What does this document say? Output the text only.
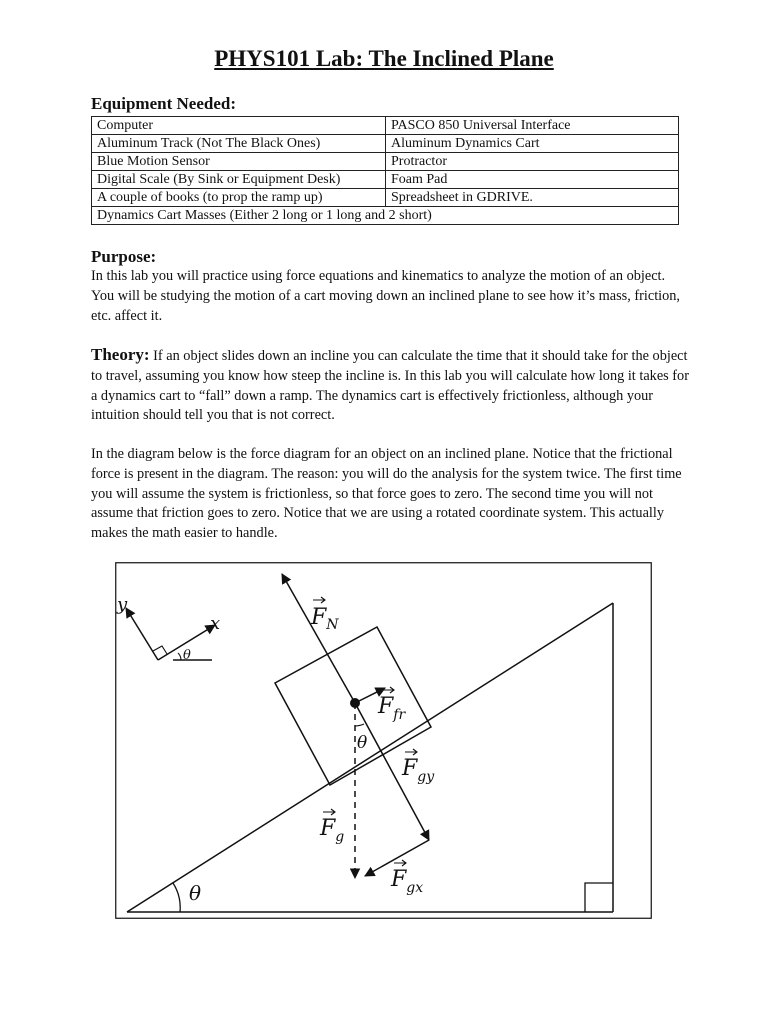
PHYS101 Lab: The Inclined Plane
Equipment Needed:
Computer	PASCO 850 Universal Interface
Aluminum Track (Not The Black Ones)	Aluminum Dynamics Cart
Blue Motion Sensor	Protractor
Digital Scale (By Sink or Equipment Desk)	Foam Pad
A couple of books (to prop the ramp up)	Spreadsheet in GDRIVE.
Dynamics Cart Masses (Either 2 long or 1 long and 2 short)	
Purpose:

In this lab you will practice using force equations and kinematics to analyze the motion of an object. You will be studying the motion of a cart moving down an inclined plane to see how it’s mass, friction, etc. affect it.

Theory: If an object slides down an incline you can calculate the time that it should take for the object to travel, assuming you know how steep the incline is. In this lab you will calculate how long it takes for a dynamics cart to “fall” down a ramp. The dynamics cart is effectively frictionless, although your intuition should tell you that is not correct.

In the diagram below is the force diagram for an object on an inclined plane. Notice that the frictional force is present in the diagram. The reason: you will do the analysis for the system twice. The first time you will assume the system is frictionless, so that force goes to zero. The second time you will not assume that friction goes to zero. Notice that we are using a rotated coordinate system. This actually makes the math easier to handle.

y
x
θ
θ
θ
$F_N$
$F_{fr}$
$F_{gy}$
$F_g$
$F_{gx}$
